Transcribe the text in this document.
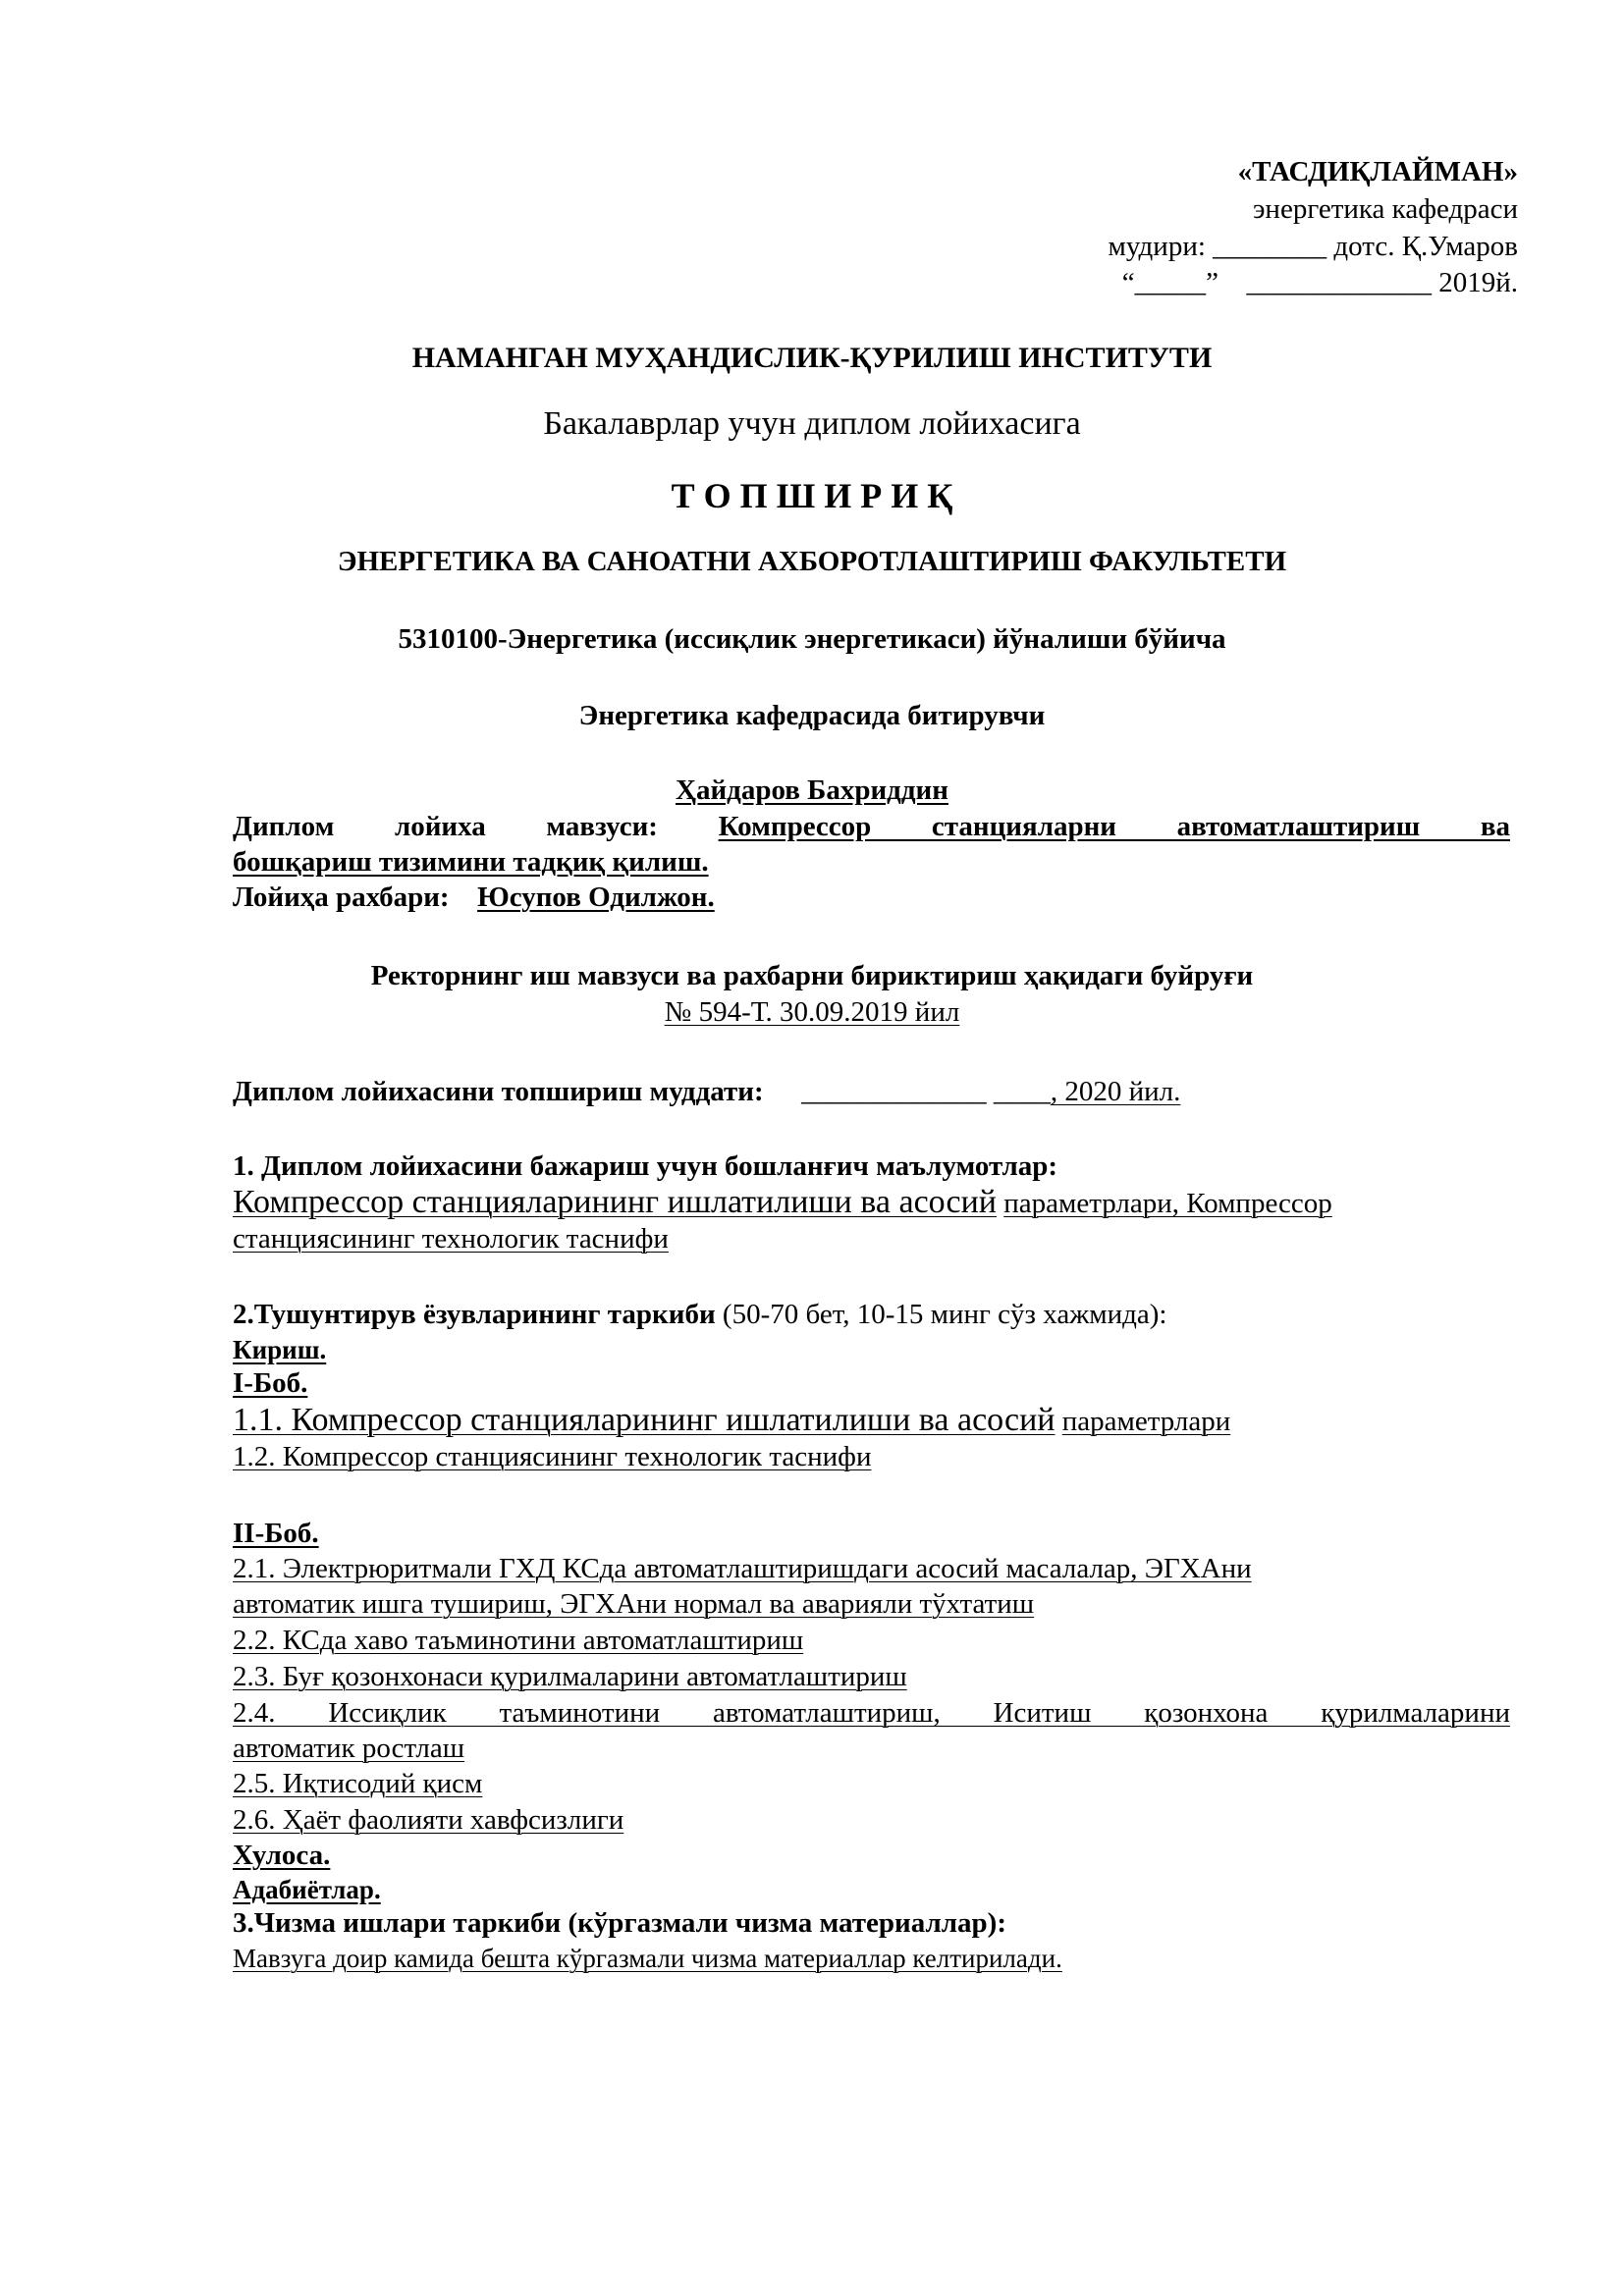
«ТАСДИҚЛАЙМАН»
энергетика кафедраси
мудири: ________ дотс. Қ.Умаров
“_____” _____________ 2019й.
НАМАНГАН МУҲАНДИСЛИК-ҚУРИЛИШ ИНСТИТУТИ
Бакалаврлар учун диплом лойихасига
Т О П Ш И Р И Қ
ЭНЕРГЕТИКА ВА САНОАТНИ АХБОРОТЛАШТИРИШ ФАКУЛЬТЕТИ
5310100-Энергетика (иссиқлик энергетикаси) йўналиши бўйича
Энергетика кафедрасида битирувчи
Ҳайдаров Бахриддин
Диплом лойиха мавзуси: Компрессор станцияларни автоматлаштириш ва
бошқариш тизимини тадқиқ қилиш.
Лойиҳа рахбари: Юсупов Одилжон.
Ректорнинг иш мавзуси ва рахбарни бириктириш ҳақидаги буйруғи
№ 594-Т. 30.09.2019 йил
Диплом лойихасини топшириш муддати: _____________ ____, 2020 йил.
1. Диплом лойихасини бажариш учун бошланғич маълумотлар:
Компрессор станцияларининг ишлатилиши ва асосий параметрлари, Компрессор
станциясининг технологик таснифи
2.Тушунтирув ёзувларининг таркиби (50-70 бет, 10-15 минг сўз хажмида):
Кириш.
I-Боб.
1.1. Компрессор станцияларининг ишлатилиши ва асосий параметрлари
1.2. Компрессор станциясининг технологик таснифи
II-Боб.
2.1. Электрюритмали ГХД КСда автоматлаштиришдаги асосий масалалар, ЭГХАни
автоматик ишга тушириш, ЭГХАни нормал ва аварияли тўхтатиш
2.2. КСда хаво таъминотини автоматлаштириш
2.3. Буғ қозонхонаси қурилмаларини автоматлаштириш
2.4. Иссиқлик таъминотини автоматлаштириш, Иситиш қозонхона қурилмаларини
автоматик ростлаш
2.5. Иқтисодий қисм
2.6. Ҳаёт фаолияти хавфсизлиги
Хулоса.
Адабиётлар.
3.Чизма ишлари таркиби (кўргазмали чизма материаллар):
Мавзуга доир камида бешта кўргазмали чизма материаллар келтирилади.
